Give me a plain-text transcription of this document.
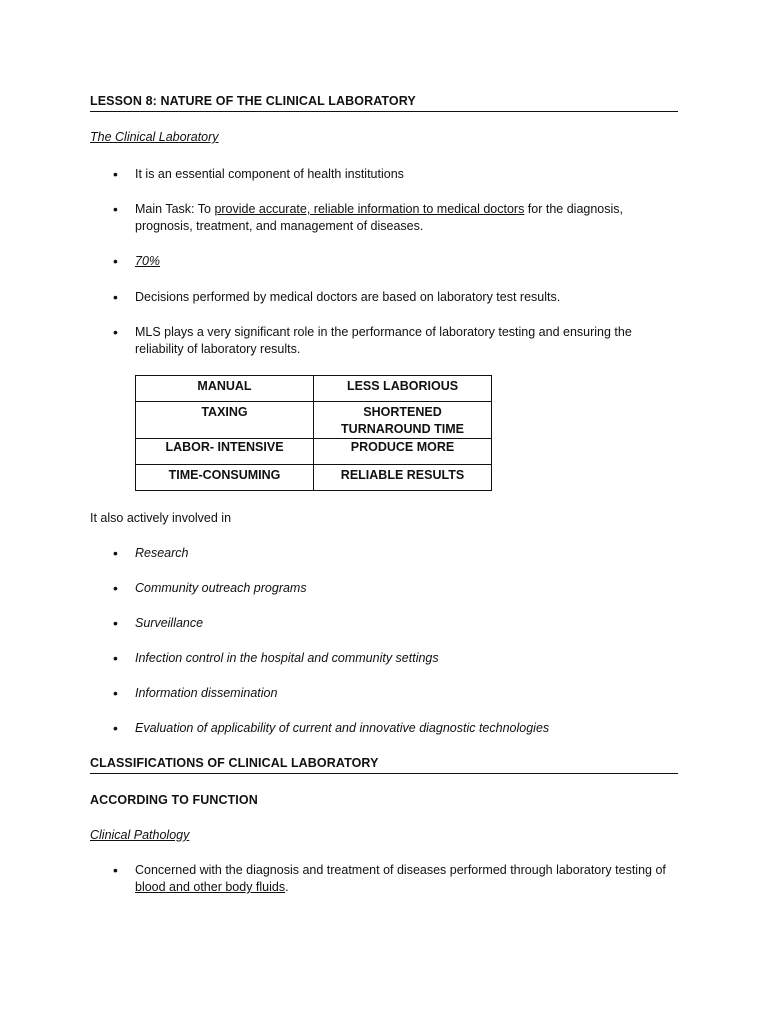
LESSON 8: NATURE OF THE CLINICAL LABORATORY
The Clinical Laboratory
•	It is an essential component of health institutions
•	Main Task: To provide accurate, reliable information to medical doctors for the diagnosis, prognosis, treatment, and management of diseases.
•	70%
•	Decisions performed by medical doctors are based on laboratory test results.
•	MLS plays a very significant role in the performance of laboratory testing and ensuring the reliability of laboratory results.
MANUAL	LESS LABORIOUS
TAXING	SHORTENED TURNAROUND TIME
LABOR- INTENSIVE	PRODUCE MORE
TIME-CONSUMING	RELIABLE RESULTS
It also actively involved in
•	Research
•	Community outreach programs
•	Surveillance
•	Infection control in the hospital and community settings
•	Information dissemination
•	Evaluation of applicability of current and innovative diagnostic technologies
CLASSIFICATIONS OF CLINICAL LABORATORY
ACCORDING TO FUNCTION
Clinical Pathology
•	Concerned with the diagnosis and treatment of diseases performed through laboratory testing of blood and other body fluids.
